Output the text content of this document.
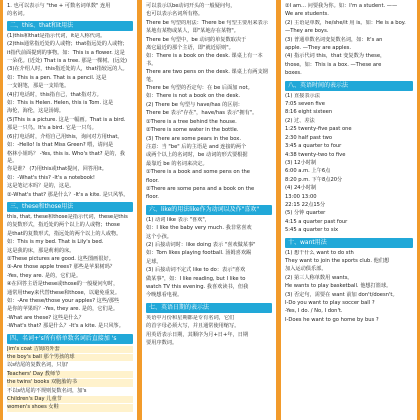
1. 也可以表示与 "the + 可数名词单数" 连用
的名词。
二、this、that和it用法
(1)this和that是指示代词，it是人称代词。
(2)this通常指近处的人或物；that指远处的人或物；
it指代前面提到的事物。如：This is a flower. 这是
一朵花。(近处) That is a tree. 那是一棵树。(远处)
(3)在介绍人时，this指近处的人，that指较远的人。
如：This is a pen. That is a pencil. 这是
一支钢笔，那是一支铅笔。
(4)打电话时，this指自己，that指对方。
如：This is Helen. Helen, this is Tom. 这是
海伦，海伦，这是汤姆。
(5)This is a picture. 这是一幅画。That is a bird.
那是一只鸟。It's a bird. 它是一只鸟。
(6)打电话时，介绍自己用this，询问对方用that。
如：-Hello! Is that Miss Green? 喂，请问是
格林小姐吗？ -Yes, this is. Who's that? 是的，我是。
你是谁？ (7)用this或that提问，回答用it。
如：-What's this? -It's a notebook!
这是笔记本吗？是的，这是。
②-What's that? 那是什么？-It's a kite. 是只风筝。
三、these和those用法
this, that, these和those是指示代词，these是this
的复数形式，指近处的两个以上的人或物；those
是that的复数形式，指远处的两个以上的人或物。
如：This is my bed. That is Lily's bed.
这是我的床，那是莉莉的床。
②These pictures are good. 这些图画很好。
③-Are those apple trees? 那些是苹果树吗？
-Yes, they are. 是的，它们是。
④在回答主语是these或those的一般疑问句时，
通常用they来代替these和those，以避免重复。
如：-Are these/those your apples? 这些/那些
是你的苹果吗？-Yes, they are. 是的，它们是。
-What are these? 这些是什么？
-What's that? 那是什么？-It's a kite. 是只风筝。
四、名词+'s所有格单数名词后直接加 's
Jim's coat 吉姆的外套
the boy's ball 那个男孩的球
以s结尾的复数名词，只加'
Teachers' Day 教师节
the twins' books 双胞胎的书
不以s结尾的不规则复数名词，加's
Children's Day 儿童节
women's shoes 女鞋
可以表示以be动词开头的一般疑问句，
也可以表示名词所有格。
There be 句型的用法：There be 句型主要用来表示
某地有某物或某人，即"某地存在某物"。
There be 句型中，be 动词的单复数取决于
离它最近的那个主语，即"就近原则"。
如：There is a book on the desk. 课桌上有一本书。
There are two pens on the desk. 课桌上有两支钢笔。
There be 句型的否定句：在 be 后面加 not。
如：There is not a book on the desk.
(2) There be 句型与 have/has 的区别：
There be 表示"存在"，have/has 表示"拥有"。
①There is a tree behind the house.
②There is some water in the bottle.
(3) There are some pears in the box.
注意：当 "be" 后的主语是 and 连接的两个
或两个以上的名词时，be 动词的形式要根据
最靠近 be 的名词来决定。
①There is a book and some pens on the
floor.
②There are some pens and a book on the
floor.
六、like的用法like作为动词以及作"喜欢"
(1) 动词 like 表示 "喜欢"，
如：I like the baby very much. 我非常喜欢
这个小孩。
(2) 后接动词时：like doing 表示 "喜欢做某事"
如：Tom likes playing football. 汤姆喜欢踢
足球。
(3) 后接动词不定式 like to do：表示"喜欢
做某事"，如：I like reading, but I like to
watch TV this evening. 我喜欢读书，但我
今晚想看电视。
七、英语日期的表示法
英语中月份和星期都是专有名词，它们
的首字母必须大写，并且通常使用缩写。
用英语表示日期，其顺序为月+日+年，日期
要用序数词。
②I am... 问要我为你。如：I'm a student. ——
We are students.
(2) 主语是单数，he/she/it 用 is。如：He is a boy.
—They are boys.
(3) 普通单数名词变复数名词，如：It's an
apple. —They are apples.
(4) 指示代词 this，that 变复数为 these，
those。如：This is a box. —These are
boxes.
八、英语时间的表示法
(1) 直接表示法
7:05 seven five
8:16 eight sixteen
(2) 过、差法
1:25 twenty-five past one
2:30 half past two
3:45 a quarter to four
4:38 twenty-two to five
(3) 12小时制
6:00 a.m. 上午6点
8:20 p.m. 下午8点20分
(4) 24小时制
13:00 13:00
22:15 22点15分
(5) 分钟 quarter
4:15 a quarter past four
5:45 a quarter to six
十、want用法
(1) 想干什么 want to do sth
They want to join the sports club. 他们想
加入运动俱乐部。
(2) 第三人称单数用 wants。
He wants to play basketball. 他想打篮球。
(3) 否定句，需要在 want 前加 don't/doesn't。
I-Do you want to play soccer ball ?
-Yes, I do. / No, I don't.
I-Does he want to go home by bus ?
